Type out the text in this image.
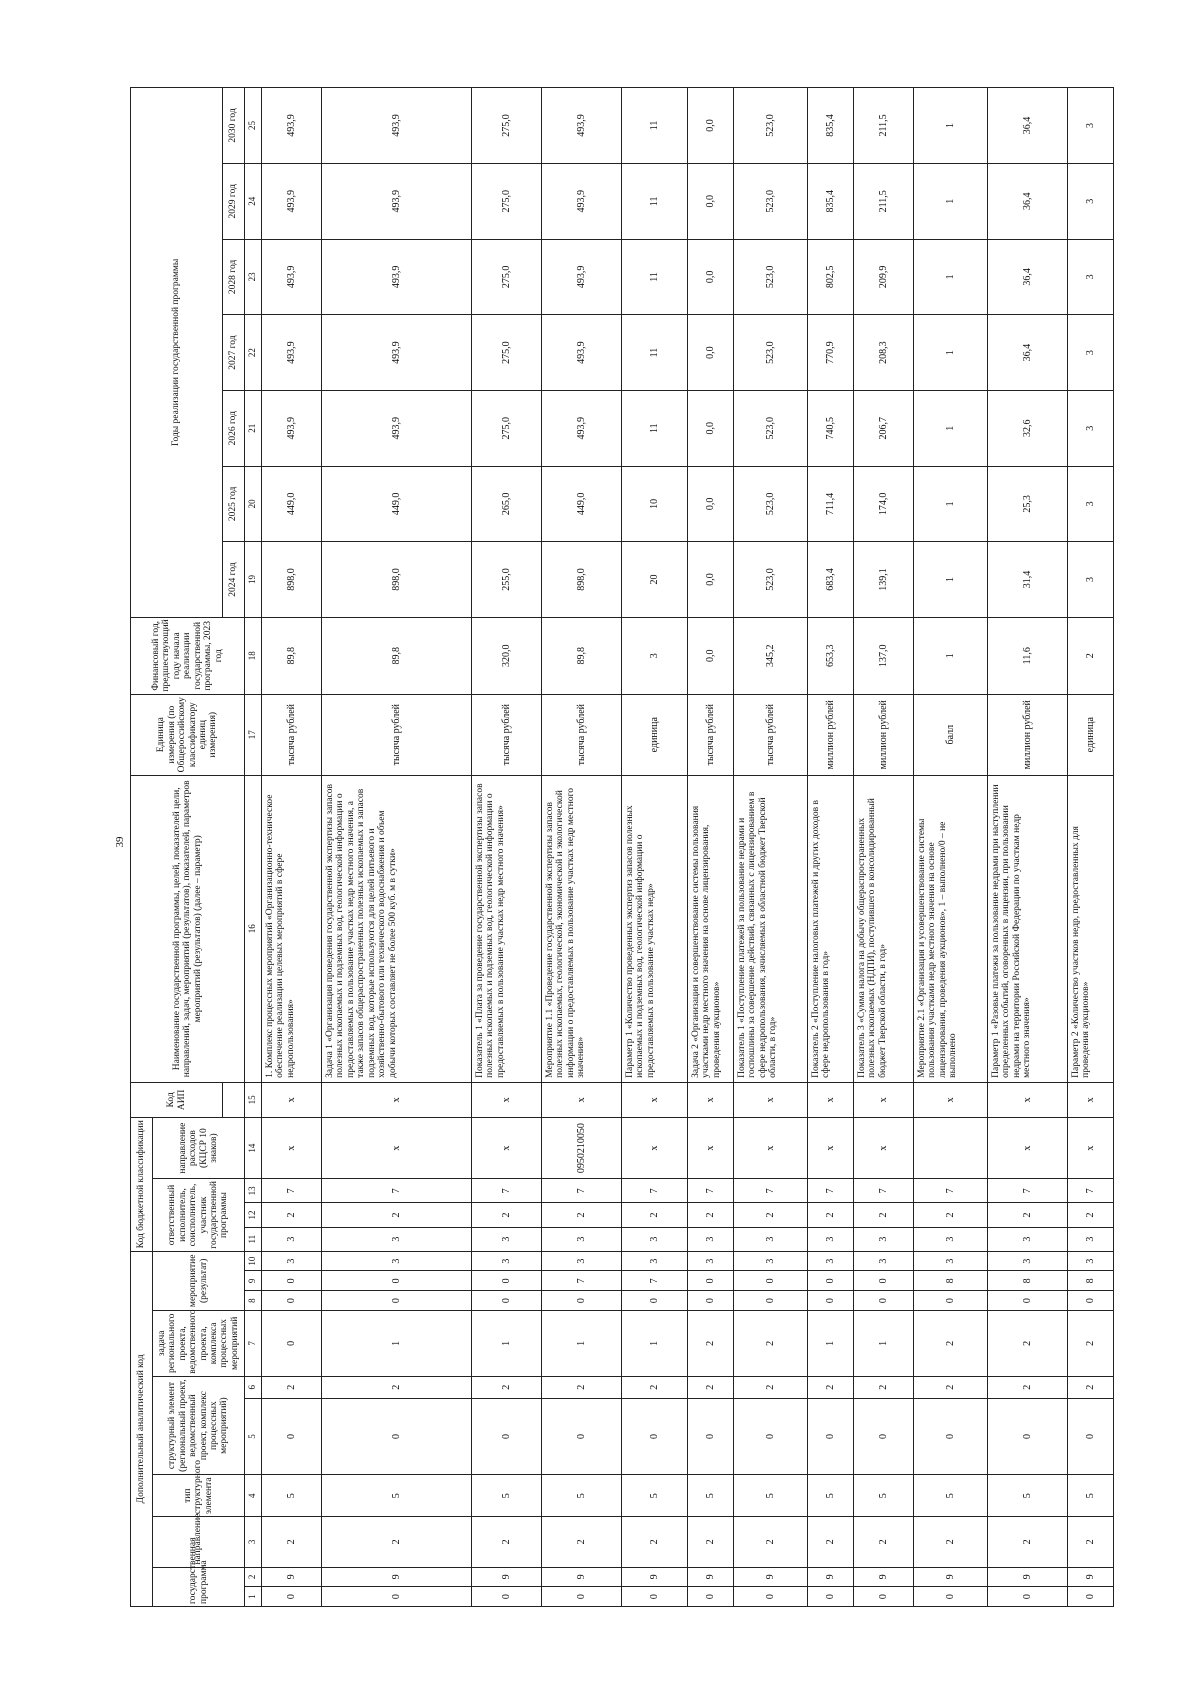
39
Дополнительный аналитический код										Код бюджетной классификации				Код АИП	Наименование государственной программы, целей, показателей цели, направлений, задач, мероприятий (результатов), показателей, параметров мероприятий (результатов) (далее – параметр)	Единица измерения (по Общероссийскому классификатору единиц измерения)	Финансовый год, предшествующий году начала реализации государственной программы, 2023 год	Годы реализации государственной программы						
государственная программа		направление	тип структурного элемента	структурный элемент (региональный проект, ведомственный проект, комплекс процессных мероприятий)		задача регионального проекта, ведомственного проекта, комплекса процессных мероприятий	мероприятие (результат)			ответственный исполнитель, соисполнитель, участник государственной программы			направление расходов (КЦСР 10 знаков)											
																		2024 год	2025 год	2026 год	2027 год	2028 год	2029 год	2030 год
1	2	3	4	5	6	7	8	9	10	11	12	13	14	15	16	17	18	19	20	21	22	23	24	25
0	9	2	5	0	2	0	0	0	3	3	2	7	х	х	1. Комплекс процессных мероприятий «Организационно-техническое обеспечение реализации целевых мероприятий в сфере недропользования»	тысяча рублей	89,8	898,0	449,0	493,9	493,9	493,9	493,9	493,9
0	9	2	5	0	2	1	0	0	3	3	2	7	х	х	Задача 1 «Организация проведения государственной экспертизы запасов полезных ископаемых и подземных вод, геологической информации о предоставляемых в пользование участках недр местного значения, а также запасов общераспространенных полезных ископаемых и запасов подземных вод, которые используются для целей питьевого и хозяйственно-бытового или технического водоснабжения и объем добычи которых составляет не более 500 куб. м в сутки»	тысяча рублей	89,8	898,0	449,0	493,9	493,9	493,9	493,9	493,9
0	9	2	5	0	2	1	0	0	3	3	2	7	х	х	Показатель 1 «Плата за проведение государственной экспертизы запасов полезных ископаемых и подземных вод, геологической информации о предоставляемых в пользование участках недр местного значения»	тысяча рублей	320,0	255,0	265,0	275,0	275,0	275,0	275,0	275,0
0	9	2	5	0	2	1	0	7	3	3	2	7	0950210050	х	Мероприятие 1.1 «Проведение государственной экспертизы запасов полезных ископаемых, геологической, экономической и экологической информации о предоставляемых в пользование участках недр местного значения»	тысяча рублей	89,8	898,0	449,0	493,9	493,9	493,9	493,9	493,9
0	9	2	5	0	2	1	0	7	3	3	2	7	х	х	Параметр 1 «Количество проведенных экспертиз запасов полезных ископаемых и подземных вод, геологической информации о предоставляемых в пользование участках недр»	единица	3	20	10	11	11	11	11	11
0	9	2	5	0	2	2	0	0	3	3	2	7	х	х	Задача 2 «Организация и совершенствование системы пользования участками недр местного значения на основе лицензирования, проведения аукционов»	тысяча рублей	0,0	0,0	0,0	0,0	0,0	0,0	0,0	0,0
0	9	2	5	0	2	2	0	0	3	3	2	7	х	х	Показатель 1 «Поступление платежей за пользование недрами и госпошлины за совершение действий, связанных с лицензированием в сфере недропользования, зачисляемых в областной бюджет Тверской области, в год»	тысяча рублей	345,2	523,0	523,0	523,0	523,0	523,0	523,0	523,0
0	9	2	5	0	2	1	0	0	3	3	2	7	х	х	Показатель 2 «Поступление налоговых платежей и других доходов в сфере недропользования в год»	миллион рублей	653,3	683,4	711,4	740,5	770,9	802,5	835,4	835,4
0	9	2	5	0	2	1	0	0	3	3	2	7	х	х	Показатель 3 «Сумма налога на добычу общераспространенных полезных ископаемых (НДПИ), поступившего в консолидированный бюджет Тверской области, в год»	миллион рублей	137,0	139,1	174,0	206,7	208,3	209,9	211,5	211,5
0	9	2	5	0	2	2	0	8	3	3	2	7		х	Мероприятие 2.1 «Организация и усовершенствование системы пользования участками недр местного значения на основе лицензирования, проведения аукционов», 1 – выполнено/0 – не выполнено	балл	1	1	1	1	1	1	1	1
0	9	2	5	0	2	2	0	8	3	3	2	7	х	х	Параметр 1 «Разовые платежи за пользование недрами при наступлении определенных событий, оговоренных в лицензии, при пользовании недрами на территории Российской Федерации по участкам недр местного значения»	миллион рублей	11,6	31,4	25,3	32,6	36,4	36,4	36,4	36,4
0	9	2	5	0	2	2	0	8	3	3	2	7	х	х	Параметр 2 «Количество участков недр, предоставленных для проведения аукционов»	единица	2	3	3	3	3	3	3	3
